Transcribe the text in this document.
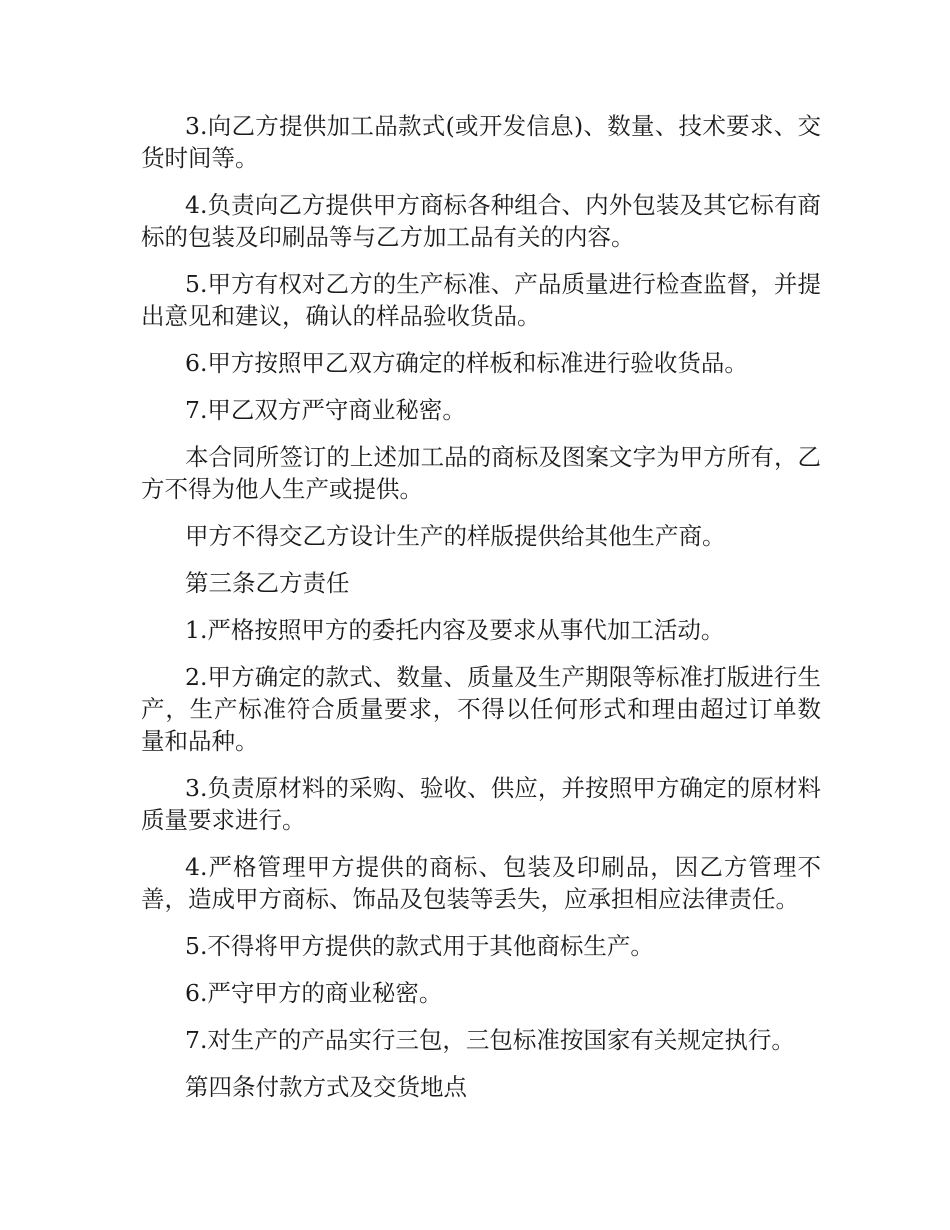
3.向乙方提供加工品款式(或开发信息)、数量、技术要求、交货时间等。

4.负责向乙方提供甲方商标各种组合、内外包装及其它标有商标的包装及印刷品等与乙方加工品有关的内容。

5.甲方有权对乙方的生产标准、产品质量进行检查监督，并提出意见和建议，确认的样品验收货品。

6.甲方按照甲乙双方确定的样板和标准进行验收货品。

7.甲乙双方严守商业秘密。

本合同所签订的上述加工品的商标及图案文字为甲方所有，乙方不得为他人生产或提供。

甲方不得交乙方设计生产的样版提供给其他生产商。

第三条乙方责任

1.严格按照甲方的委托内容及要求从事代加工活动。

2.甲方确定的款式、数量、质量及生产期限等标准打版进行生产，生产标准符合质量要求，不得以任何形式和理由超过订单数量和品种。

3.负责原材料的采购、验收、供应，并按照甲方确定的原材料质量要求进行。

4.严格管理甲方提供的商标、包装及印刷品，因乙方管理不善，造成甲方商标、饰品及包装等丢失，应承担相应法律责任。

5.不得将甲方提供的款式用于其他商标生产。

6.严守甲方的商业秘密。

7.对生产的产品实行三包，三包标准按国家有关规定执行。

第四条付款方式及交货地点
